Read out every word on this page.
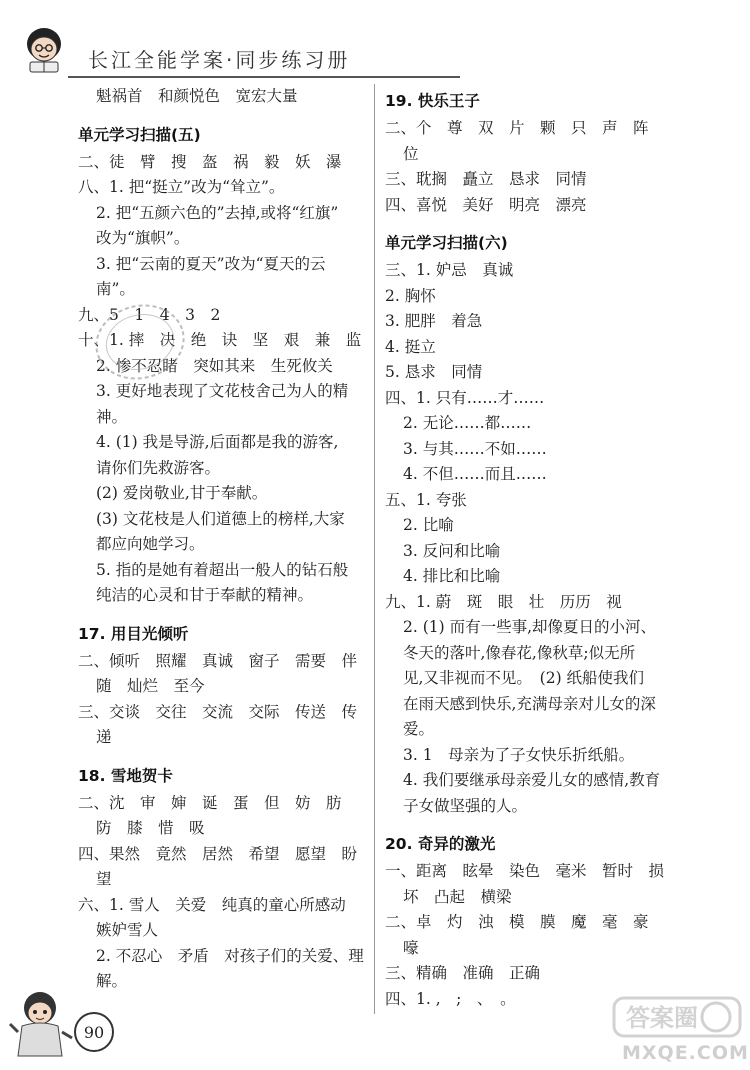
长江全能学案·同步练习册
魁祸首　和颜悦色　宽宏大量
单元学习扫描(五)
二、徒　臂　搜　盔　祸　毅　妖　瀑
八、1. 把“挺立”改为“耸立”。
2. 把“五颜六色的”去掉,或将“红旗”
改为“旗帜”。
3. 把“云南的夏天”改为“夏天的云
南”。
九、5　1　4　3　2
十、1. 摔　决　绝　诀　坚　艰　兼　监
2. 惨不忍睹　突如其来　生死攸关
3. 更好地表现了文花枝舍己为人的精
神。
4. (1) 我是导游,后面都是我的游客,
请你们先救游客。
(2) 爱岗敬业,甘于奉献。
(3) 文花枝是人们道德上的榜样,大家
都应向她学习。
5. 指的是她有着超出一般人的钻石般
纯洁的心灵和甘于奉献的精神。
17. 用目光倾听
二、倾听　照耀　真诚　窗子　需要　伴
随　灿烂　至今
三、交谈　交往　交流　交际　传送　传
递
18. 雪地贺卡
二、沈　审　婶　诞　蛋　但　妨　肪
防　膝　惜　吸
四、果然　竟然　居然　希望　愿望　盼
望
六、1. 雪人　关爱　纯真的童心所感动
嫉妒雪人
2. 不忍心　矛盾　对孩子们的关爱、理
解。
19. 快乐王子
二、个　尊　双　片　颗　只　声　阵
位
三、耽搁　矗立　恳求　同情
四、喜悦　美好　明亮　漂亮
单元学习扫描(六)
三、1. 妒忌　真诚
2. 胸怀
3. 肥胖　着急
4. 挺立
5. 恳求　同情
四、1. 只有……才……
2. 无论……都……
3. 与其……不如……
4. 不但……而且……
五、1. 夸张
2. 比喻
3. 反问和比喻
4. 排比和比喻
九、1. 蔚　斑　眼　壮　历历　视
2. (1) 而有一些事,却像夏日的小河、
冬天的落叶,像春花,像秋草;似无所
见,又非视而不见。　(2) 纸船使我们
在雨天感到快乐,充满母亲对儿女的深
爱。
3. 1　母亲为了子女快乐折纸船。
4. 我们要继承母亲爱儿女的感情,教育
子女做坚强的人。
20. 奇异的激光
一、距离　眩晕　染色　毫米　暂时　损
坏　凸起　横梁
二、卓　灼　浊　模　膜　魔　毫　豪
嚎
三、精确　准确　正确
四、1. ,　;　、　。
90	答案圈
MXQE.COM
